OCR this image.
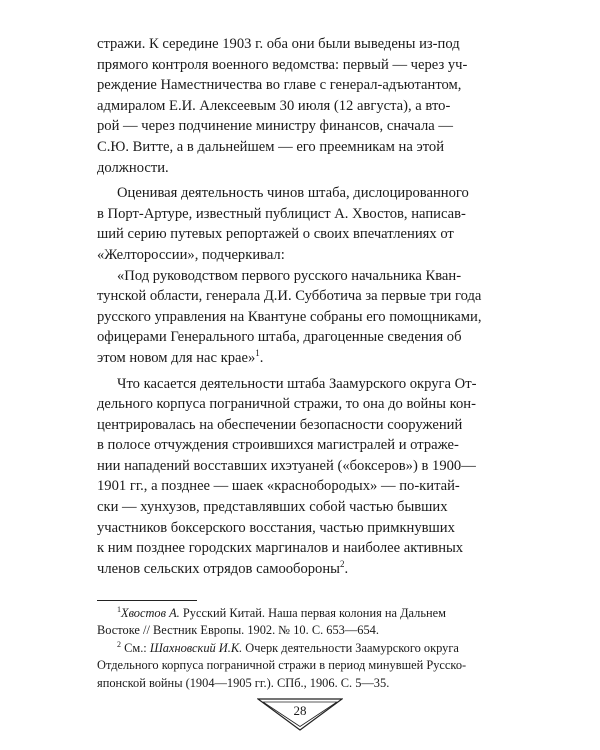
стражи. К середине 1903 г. оба они были выведены из-под
прямого контроля военного ведомства: первый — через уч-
реждение Наместничества во главе с генерал-адъютантом,
адмиралом Е.И. Алексеевым 30 июля (12 августа), а вто-
рой — через подчинение министру финансов, сначала —
С.Ю. Витте, а в дальнейшем — его преемникам на этой
должности.

Оценивая деятельность чинов штаба, дислоцированного
в Порт-Артуре, известный публицист А. Хвостов, написав-
ший серию путевых репортажей о своих впечатлениях от
«Желтороссии», подчеркивал:

«Под руководством первого русского начальника Кван-
тунской области, генерала Д.И. Субботича за первые три года
русского управления на Квантуне собраны его помощниками,
офицерами Генерального штаба, драгоценные сведения об
этом новом для нас крае»$^1$.

Что касается деятельности штаба Заамурского округа От-
дельного корпуса пограничной стражи, то она до войны кон-
центрировалась на обеспечении безопасности сооружений
в полосе отчуждения строившихся магистралей и отраже-
нии нападений восставших ихэтуаней («боксеров») в 1900—
1901 гг., а позднее — шаек «краснобородых» — по-китай-
ски — хунхузов, представлявших собой частью бывших
участников боксерского восстания, частью примкнувших
к ним позднее городских маргиналов и наиболее активных
членов сельских отрядов самообороны$^2$.

$^1$Хвостов А. Русский Китай. Наша первая колония на Дальнем
Востоке // Вестник Европы. 1902. № 10. С. 653—654.

$^2$ См.: Шахновский И.К. Очерк деятельности Заамурского округа
Отдельного корпуса пограничной стражи в период минувшей Русско-
японской войны (1904—1905 гг.). СПб., 1906. С. 5—35.

28
